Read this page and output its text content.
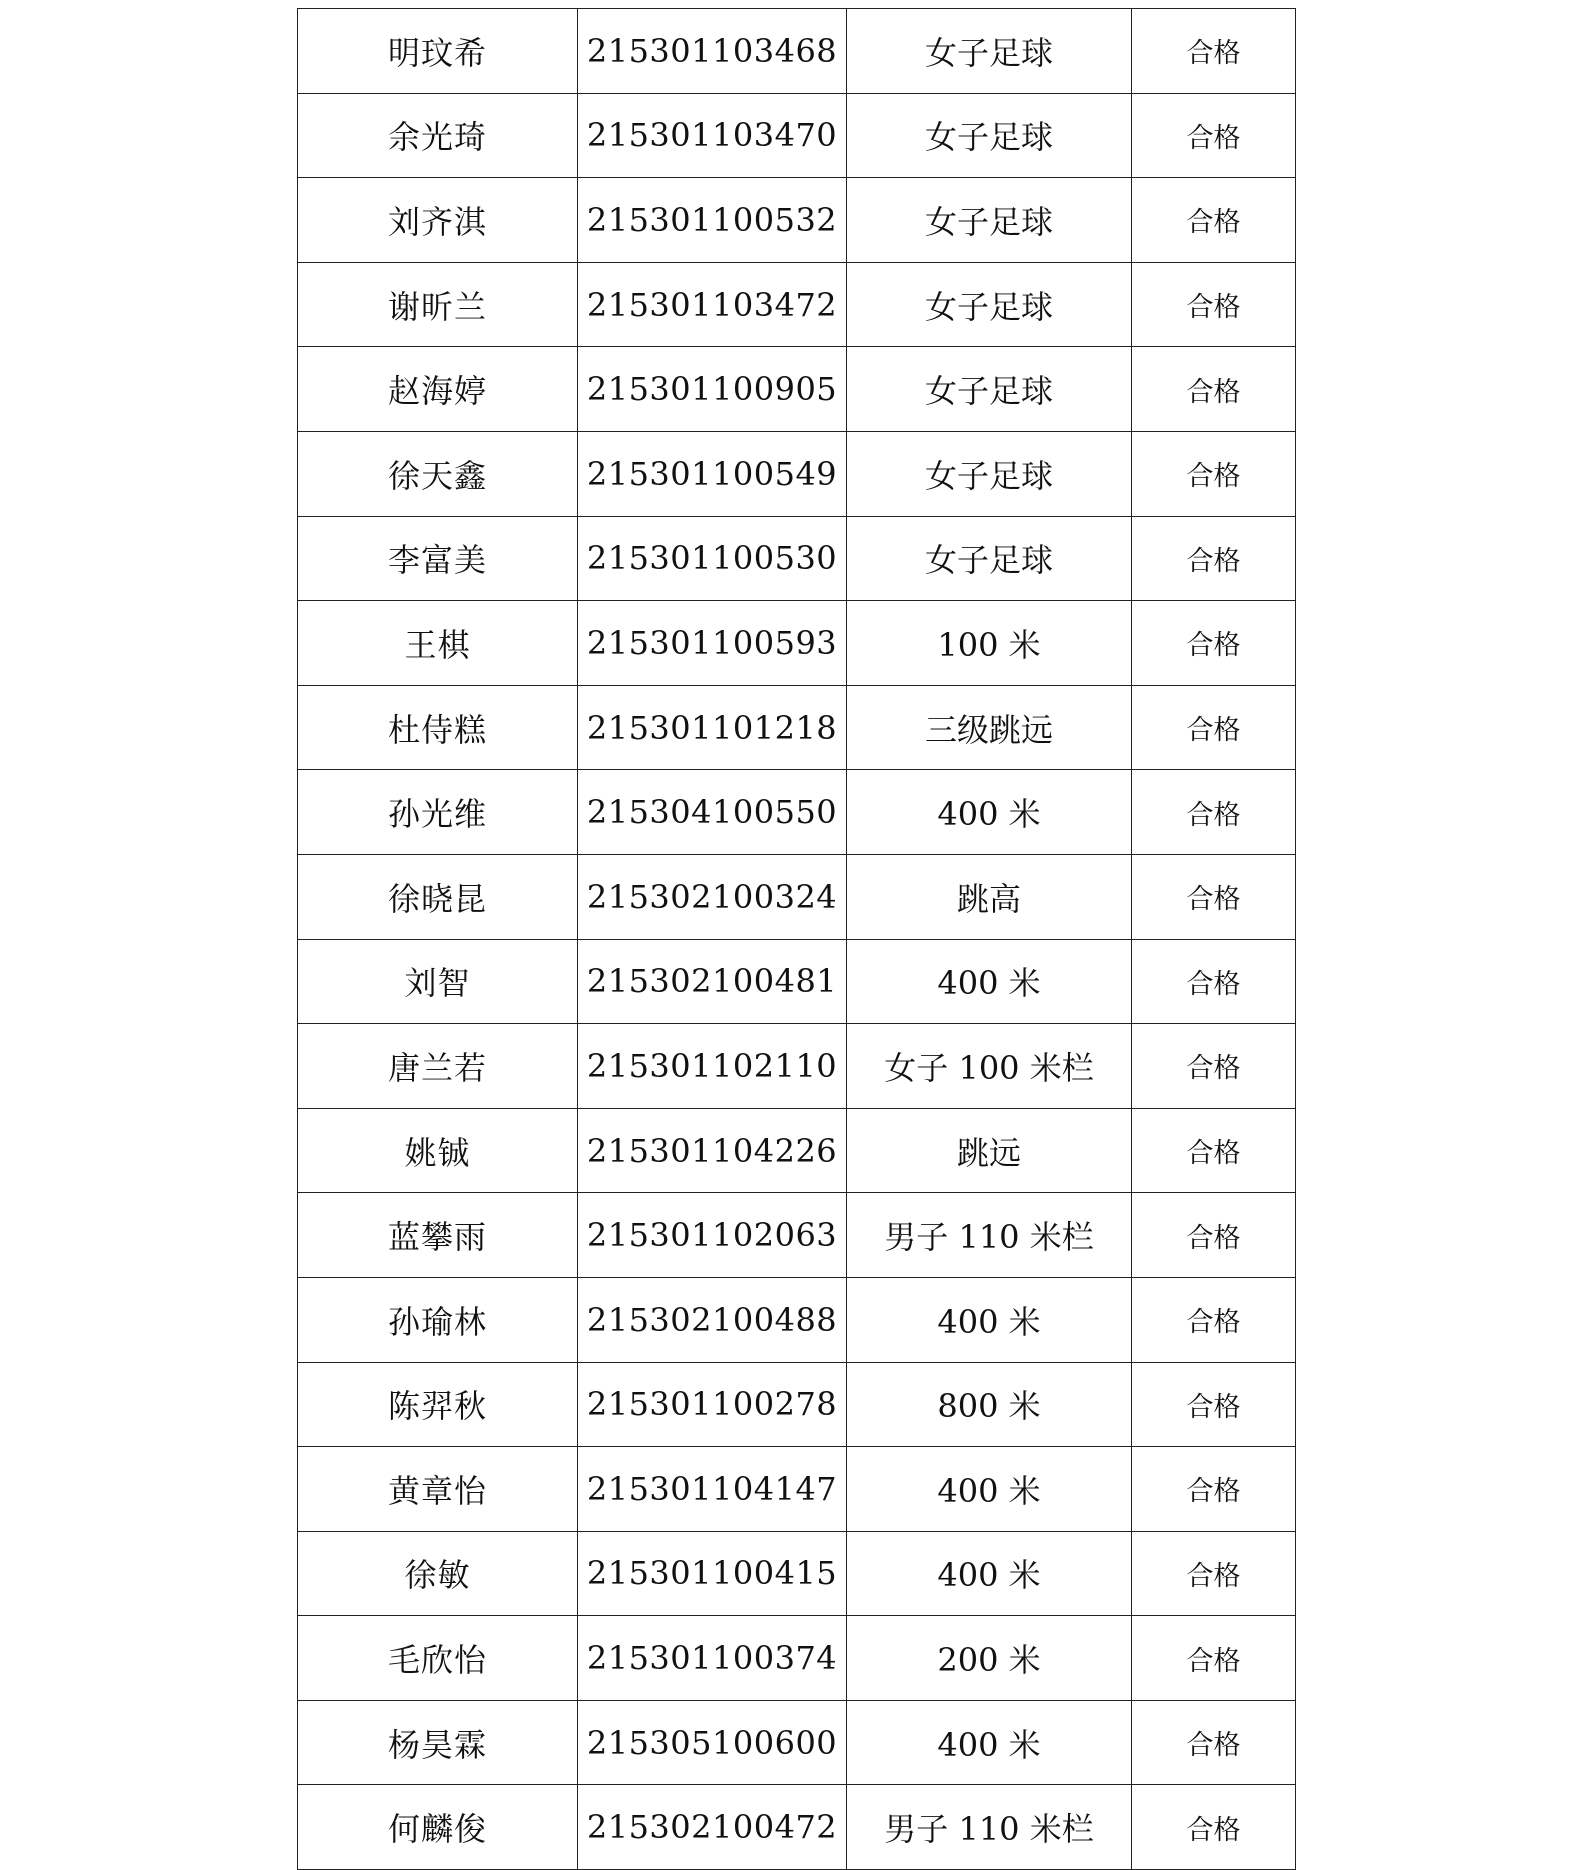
明玟希	215301103468	女子足球	合格
余光琦	215301103470	女子足球	合格
刘齐淇	215301100532	女子足球	合格
谢昕兰	215301103472	女子足球	合格
赵海婷	215301100905	女子足球	合格
徐天鑫	215301100549	女子足球	合格
李富美	215301100530	女子足球	合格
王棋	215301100593	100 米	合格
杜侍糕	215301101218	三级跳远	合格
孙光维	215304100550	400 米	合格
徐晓昆	215302100324	跳高	合格
刘智	215302100481	400 米	合格
唐兰若	215301102110	女子 100 米栏	合格
姚铖	215301104226	跳远	合格
蓝攀雨	215301102063	男子 110 米栏	合格
孙瑜林	215302100488	400 米	合格
陈羿秋	215301100278	800 米	合格
黄章怡	215301104147	400 米	合格
徐敏	215301100415	400 米	合格
毛欣怡	215301100374	200 米	合格
杨昊霖	215305100600	400 米	合格
何麟俊	215302100472	男子 110 米栏	合格
